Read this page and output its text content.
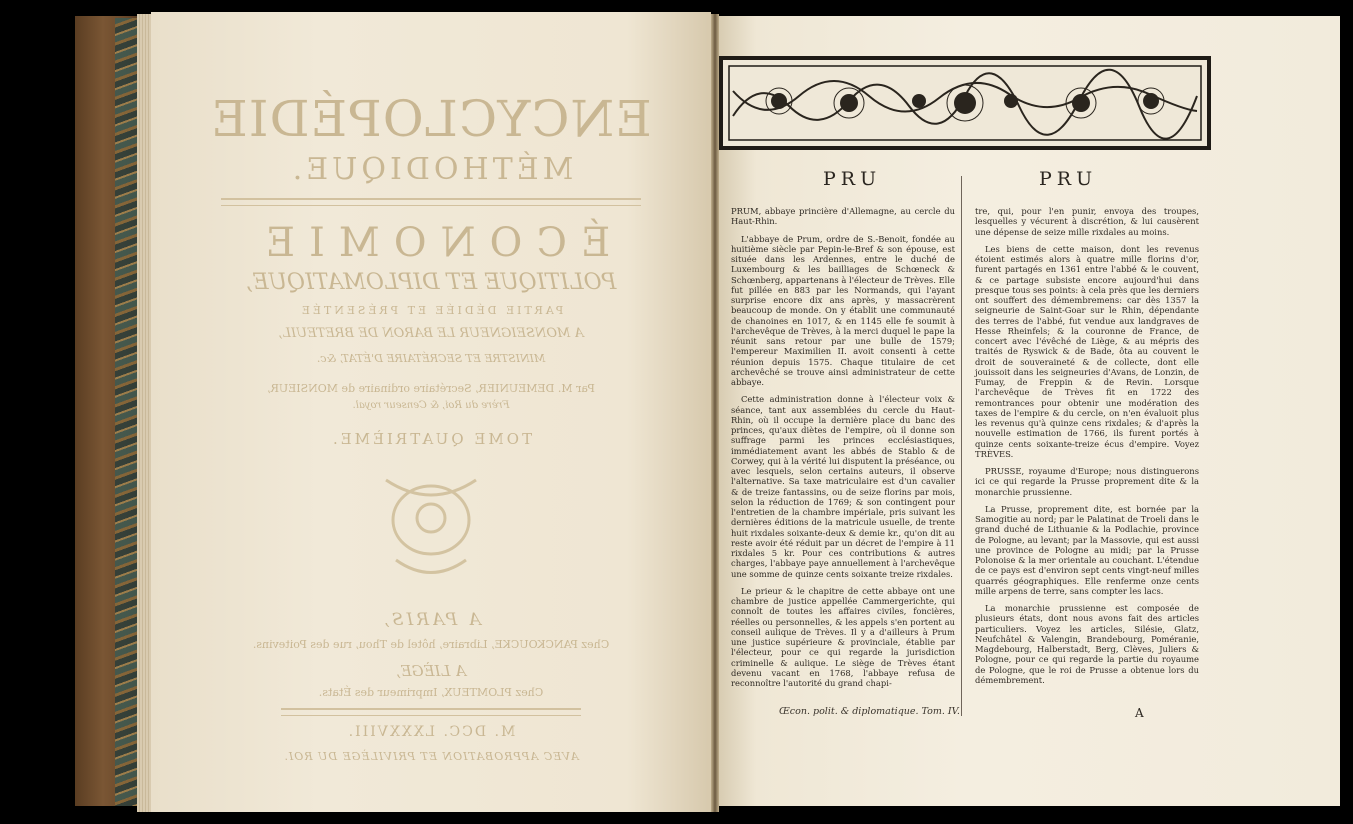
ENCYCLOPÉDIE
MÉTHODIQUE.
ÉCONOMIE
POLITIQUE ET DIPLOMATIQUE,
PARTIE DÉDIÉE ET PRÉSENTÉE
A MONSEIGNEUR LE BARON DE BRETEUIL,
MINISTRE ET SECRÉTAIRE D'ÉTAT, &c.
Par M. DEMEUNIER, Secrétaire ordinaire de MONSIEUR,
Frère du Roi, & Censeur royal.
TOME QUATRIÈME.
A PARIS,
Chez PANCKOUCKE, Libraire, hôtel de Thou, rue des Poitevins.
A LIÈGE,
Chez PLOMTEUX, Imprimeur des États.
M. DCC. LXXXVIII.
AVEC APPROBATION ET PRIVILÈGE DU ROI.
PRU	PRU

PRUM, abbaye princière d'Allemagne, au cercle du Haut-Rhin.

L'abbaye de Prum, ordre de S.-Benoit, fondée au huitième siècle par Pepin-le-Bref & son épouse, est située dans les Ardennes, entre le duché de Luxembourg & les bailliages de Schœneck & Schœnberg, appartenans à l'électeur de Trèves. Elle fut pillée en 883 par les Normands, qui l'ayant surprise encore dix ans après, y massacrèrent beaucoup de monde. On y établit une communauté de chanoines en 1017, & en 1145 elle fe soumit à l'archevêque de Trèves, à la merci duquel le pape la réunit sans retour par une bulle de 1579; l'empereur Maximilien II. avoit consenti à cette réunion depuis 1575. Chaque titulaire de cet archevêché se trouve ainsi administrateur de cette abbaye.

Cette administration donne à l'électeur voix & séance, tant aux assemblées du cercle du Haut-Rhin, où il occupe la dernière place du banc des princes, qu'aux diètes de l'empire, où il donne son suffrage parmi les princes ecclésiastiques, immédiatement avant les abbés de Stablo & de Corwey, qui à la vérité lui disputent la préséance, ou avec lesquels, selon certains auteurs, il observe l'alternative. Sa taxe matriculaire est d'un cavalier & de treize fantassins, ou de seize florins par mois, selon la réduction de 1769; & son contingent pour l'entretien de la chambre impériale, pris suivant les dernières éditions de la matricule usuelle, de trente huit rixdales soixante-deux & demie kr., qu'on dit au reste avoir été réduit par un décret de l'empire à 11 rixdales 5 kr. Pour ces contributions & autres charges, l'abbaye paye annuellement à l'archevêque une somme de quinze cents soixante treize rixdales.

Le prieur & le chapitre de cette abbaye ont une chambre de justice appellée Cammergerichte, qui connoît de toutes les affaires civiles, foncières, réelles ou personnelles, & les appels s'en portent au conseil aulique de Trèves. Il y a d'ailleurs à Prum une justice supérieure & provinciale, établie par l'électeur, pour ce qui regarde la jurisdiction criminelle & aulique. Le siège de Trèves étant devenu vacant en 1768, l'abbaye refusa de reconnoître l'autorité du grand chapi-

tre, qui, pour l'en punir, envoya des troupes, lesquelles y vécurent à discrétion, & lui causèrent une dépense de seize mille rixdales au moins.

Les biens de cette maison, dont les revenus étoient estimés alors à quatre mille florins d'or, furent partagés en 1361 entre l'abbé & le couvent, & ce partage subsiste encore aujourd'hui dans presque tous ses points: à cela près que les derniers ont souffert des démembremens: car dès 1357 la seigneurie de Saint-Goar sur le Rhin, dépendante des terres de l'abbé, fut vendue aux landgraves de Hesse Rheinfels; & la couronne de France, de concert avec l'évêché de Liège, & au mépris des traités de Ryswick & de Bade, ôta au couvent le droit de souveraineté & de collecte, dont elle jouissoit dans les seigneuries d'Avans, de Lonzin, de Fumay, de Freppin & de Revin. Lorsque l'archevêque de Trèves fit en 1722 des remontrances pour obtenir une modération des taxes de l'empire & du cercle, on n'en évaluoit plus les revenus qu'à quinze cens rixdales; & d'après la nouvelle estimation de 1766, ils furent portés à quinze cents soixante-treize écus d'empire. Voyez TRÈVES.

PRUSSE, royaume d'Europe; nous distinguerons ici ce qui regarde la Prusse proprement dite & la monarchie prussienne.

La Prusse, proprement dite, est bornée par la Samogitie au nord; par le Palatinat de Troeli dans le grand duché de Lithuanie & la Podlachie, province de Pologne, au levant; par la Massovie, qui est aussi une province de Pologne au midi; par la Prusse Polonoise & la mer orientale au couchant. L'étendue de ce pays est d'environ sept cents vingt-neuf milles quarrés géographiques. Elle renferme onze cents mille arpens de terre, sans compter les lacs.

La monarchie prussienne est composée de plusieurs états, dont nous avons fait des articles particuliers. Voyez les articles, Silésie, Glatz, Neufchâtel & Valengin, Brandebourg, Poméranie, Magdebourg, Halberstadt, Berg, Clèves, Juliers & Pologne, pour ce qui regarde la partie du royaume de Pologne, que le roi de Prusse a obtenue lors du démembrement.

Œcon. polit. & diplomatique. Tom. IV.	A
